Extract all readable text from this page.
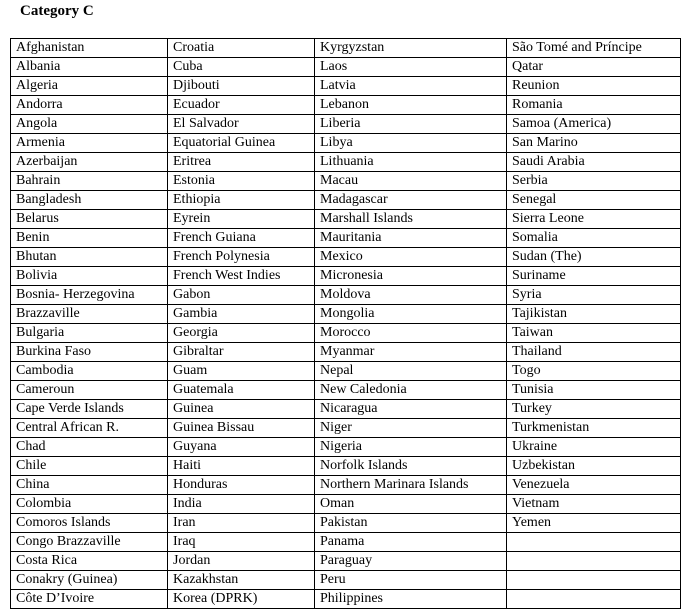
Category C
Afghanistan	Croatia	Kyrgyzstan	São Tomé and Príncipe
Albania	Cuba	Laos	Qatar
Algeria	Djibouti	Latvia	Reunion
Andorra	Ecuador	Lebanon	Romania
Angola	El Salvador	Liberia	Samoa (America)
Armenia	Equatorial Guinea	Libya	San Marino
Azerbaijan	Eritrea	Lithuania	Saudi Arabia
Bahrain	Estonia	Macau	Serbia
Bangladesh	Ethiopia	Madagascar	Senegal
Belarus	Eyrein	Marshall Islands	Sierra Leone
Benin	French Guiana	Mauritania	Somalia
Bhutan	French Polynesia	Mexico	Sudan (The)
Bolivia	French West Indies	Micronesia	Suriname
Bosnia- Herzegovina	Gabon	Moldova	Syria
Brazzaville	Gambia	Mongolia	Tajikistan
Bulgaria	Georgia	Morocco	Taiwan
Burkina Faso	Gibraltar	Myanmar	Thailand
Cambodia	Guam	Nepal	Togo
Cameroun	Guatemala	New Caledonia	Tunisia
Cape Verde Islands	Guinea	Nicaragua	Turkey
Central African R.	Guinea Bissau	Niger	Turkmenistan
Chad	Guyana	Nigeria	Ukraine
Chile	Haiti	Norfolk Islands	Uzbekistan
China	Honduras	Northern Marinara Islands	Venezuela
Colombia	India	Oman	Vietnam
Comoros Islands	Iran	Pakistan	Yemen
Congo Brazzaville	Iraq	Panama	
Costa Rica	Jordan	Paraguay	
Conakry (Guinea)	Kazakhstan	Peru	
Côte D’Ivoire	Korea (DPRK)	Philippines	
